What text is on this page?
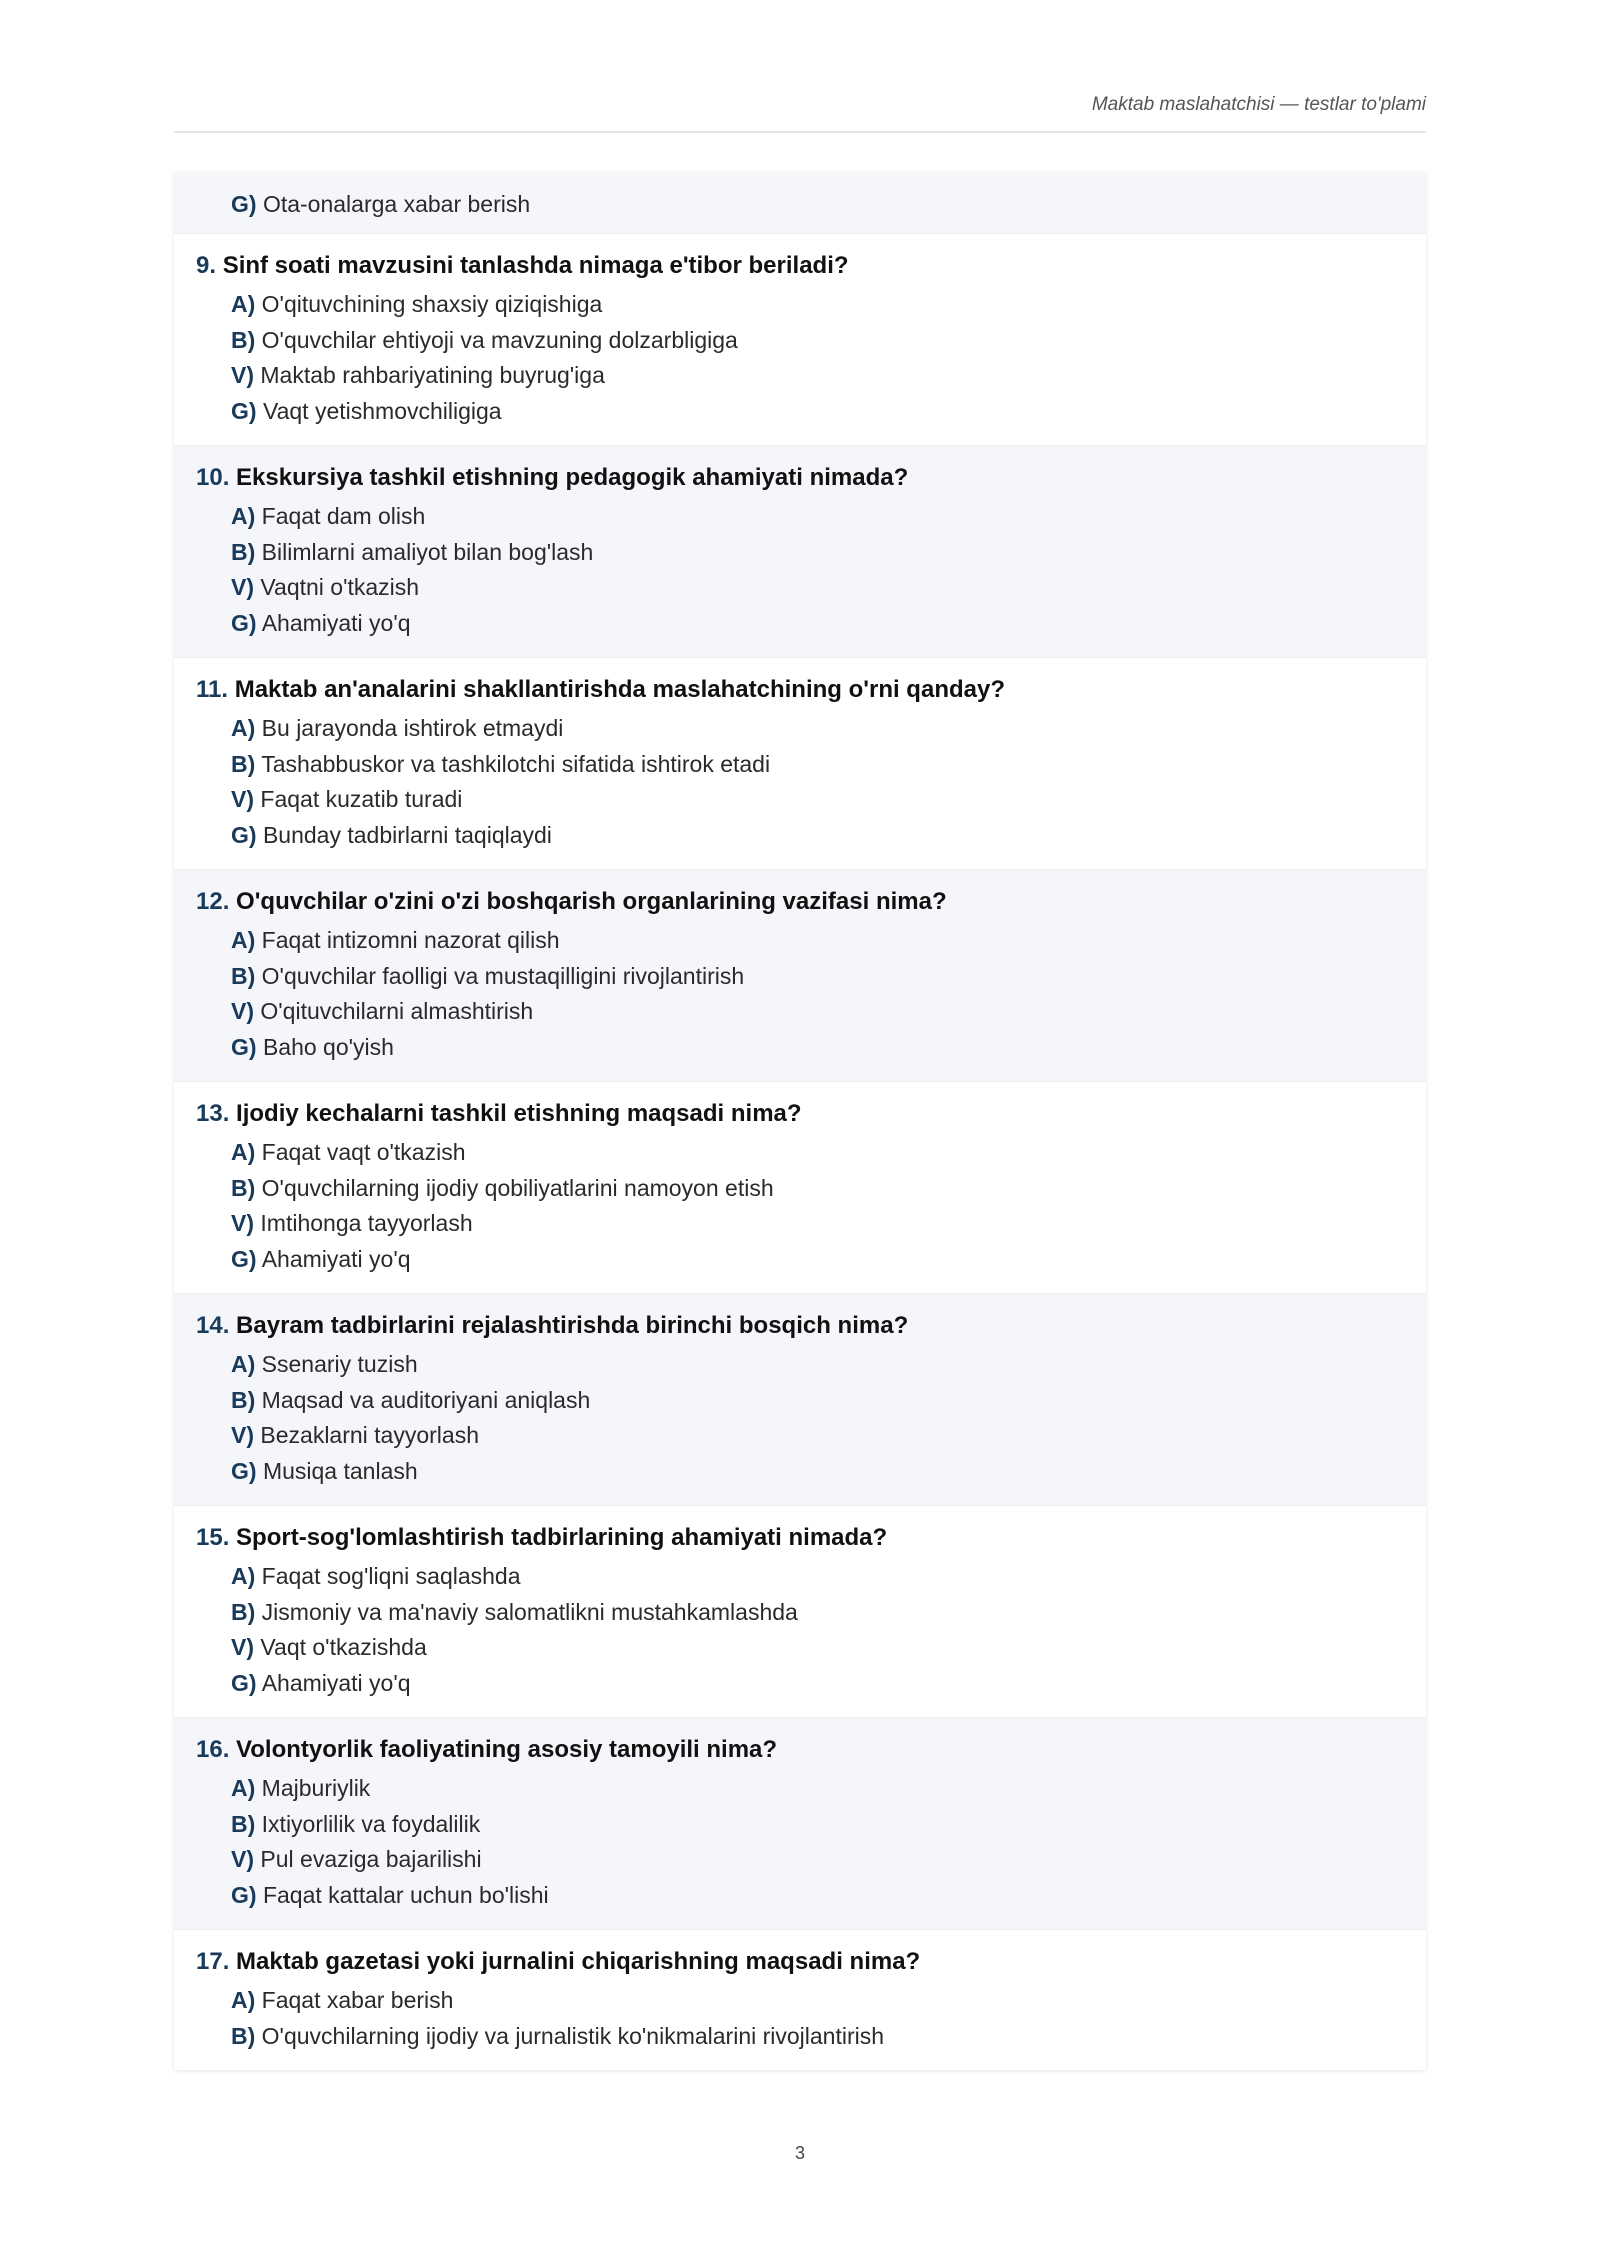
Maktab maslahatchisi — testlar to'plami
G) Ota-onalarga xabar berish
9. Sinf soati mavzusini tanlashda nimaga e'tibor beriladi?
A) O'qituvchining shaxsiy qiziqishiga
B) O'quvchilar ehtiyoji va mavzuning dolzarbligiga
V) Maktab rahbariyatining buyrug'iga
G) Vaqt yetishmovchiligiga
10. Ekskursiya tashkil etishning pedagogik ahamiyati nimada?
A) Faqat dam olish
B) Bilimlarni amaliyot bilan bog'lash
V) Vaqtni o'tkazish
G) Ahamiyati yo'q
11. Maktab an'analarini shakllantirishda maslahatchining o'rni qanday?
A) Bu jarayonda ishtirok etmaydi
B) Tashabbuskor va tashkilotchi sifatida ishtirok etadi
V) Faqat kuzatib turadi
G) Bunday tadbirlarni taqiqlaydi
12. O'quvchilar o'zini o'zi boshqarish organlarining vazifasi nima?
A) Faqat intizomni nazorat qilish
B) O'quvchilar faolligi va mustaqilligini rivojlantirish
V) O'qituvchilarni almashtirish
G) Baho qo'yish
13. Ijodiy kechalarni tashkil etishning maqsadi nima?
A) Faqat vaqt o'tkazish
B) O'quvchilarning ijodiy qobiliyatlarini namoyon etish
V) Imtihonga tayyorlash
G) Ahamiyati yo'q
14. Bayram tadbirlarini rejalashtirishda birinchi bosqich nima?
A) Ssenariy tuzish
B) Maqsad va auditoriyani aniqlash
V) Bezaklarni tayyorlash
G) Musiqa tanlash
15. Sport-sog'lomlashtirish tadbirlarining ahamiyati nimada?
A) Faqat sog'liqni saqlashda
B) Jismoniy va ma'naviy salomatlikni mustahkamlashda
V) Vaqt o'tkazishda
G) Ahamiyati yo'q
16. Volontyorlik faoliyatining asosiy tamoyili nima?
A) Majburiylik
B) Ixtiyorlilik va foydalilik
V) Pul evaziga bajarilishi
G) Faqat kattalar uchun bo'lishi
17. Maktab gazetasi yoki jurnalini chiqarishning maqsadi nima?
A) Faqat xabar berish
B) O'quvchilarning ijodiy va jurnalistik ko'nikmalarini rivojlantirish
3
